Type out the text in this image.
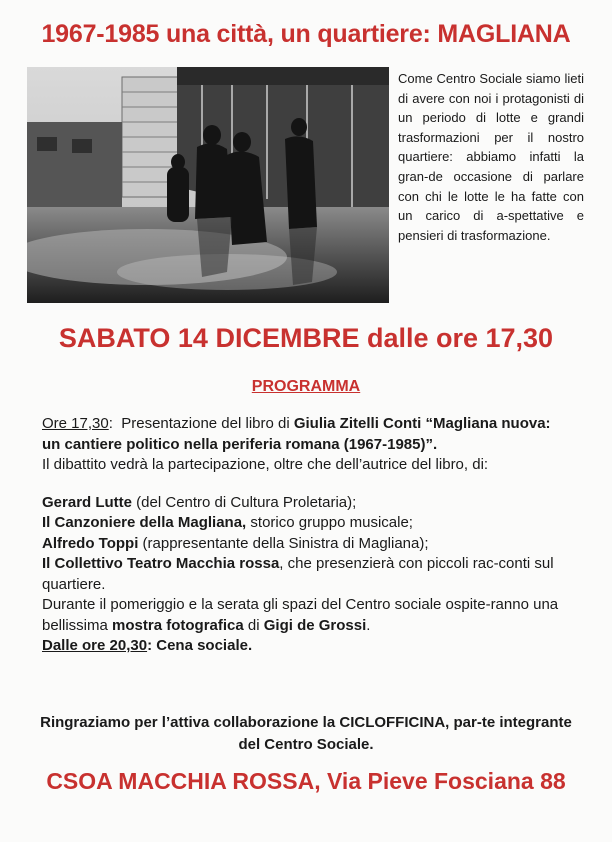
1967-1985 una città, un quartiere: MAGLIANA
Come Centro Sociale siamo lieti di avere con noi i protagonisti di un periodo di lotte e grandi trasformazioni per il nostro quartiere: abbiamo infatti la gran-de occasione di parlare con chi le lotte le ha fatte con un carico di a-spettative e pensieri di trasformazione.
SABATO 14 DICEMBRE dalle ore 17,30
PROGRAMMA

Ore 17,30: Presentazione del libro di Giulia Zitelli Conti “Magliana nuova: un cantiere politico nella periferia romana (1967-1985)”.

Il dibattito vedrà la partecipazione, oltre che dell’autrice del libro, di:

Gerard Lutte (del Centro di Cultura Proletaria);

Il Canzoniere della Magliana, storico gruppo musicale;

Alfredo Toppi (rappresentante della Sinistra di Magliana);

Il Collettivo Teatro Macchia rossa, che presenzierà con piccoli rac-conti sul quartiere.

Durante il pomeriggio e la serata gli spazi del Centro sociale ospite-ranno una bellissima mostra fotografica di Gigi de Grossi.

Dalle ore 20,30: Cena sociale.

Ringraziamo per l’attiva collaborazione la CICLOFFICINA, par-te integrante del Centro Sociale.
CSOA MACCHIA ROSSA, Via Pieve Fosciana 88
